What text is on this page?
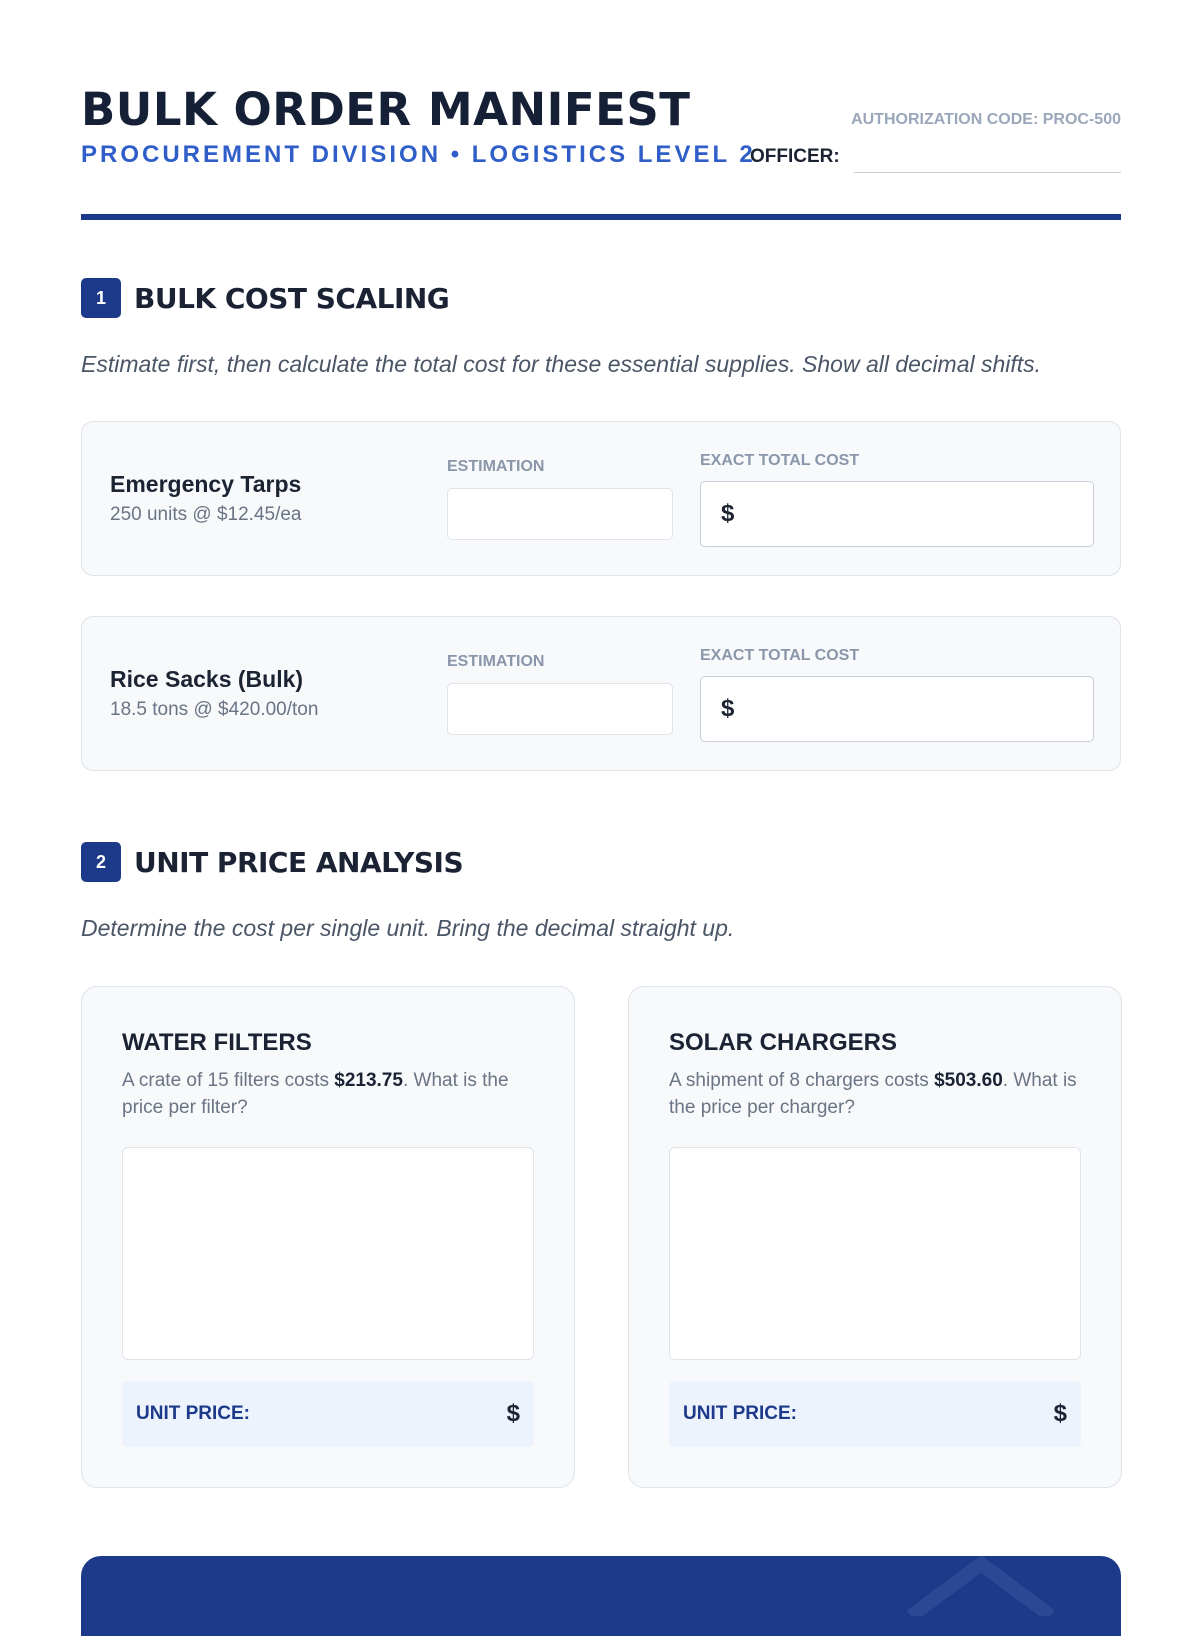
BULK ORDER MANIFEST
PROCUREMENT DIVISION • LOGISTICS LEVEL 2
AUTHORIZATION CODE: PROC-500
OFFICER:
1	BULK COST SCALING
Estimate first, then calculate the total cost for these essential supplies. Show all decimal shifts.
Emergency Tarps
250 units @ $12.45/ea
ESTIMATION	EXACT TOTAL COST
$
Rice Sacks (Bulk)
18.5 tons @ $420.00/ton
ESTIMATION	EXACT TOTAL COST
$
2	UNIT PRICE ANALYSIS
Determine the cost per single unit. Bring the decimal straight up.
WATER FILTERS
A crate of 15 filters costs $213.75. What is the price per filter?
UNIT PRICE:	$
SOLAR CHARGERS
A shipment of 8 chargers costs $503.60. What is the price per charger?
UNIT PRICE:	$
